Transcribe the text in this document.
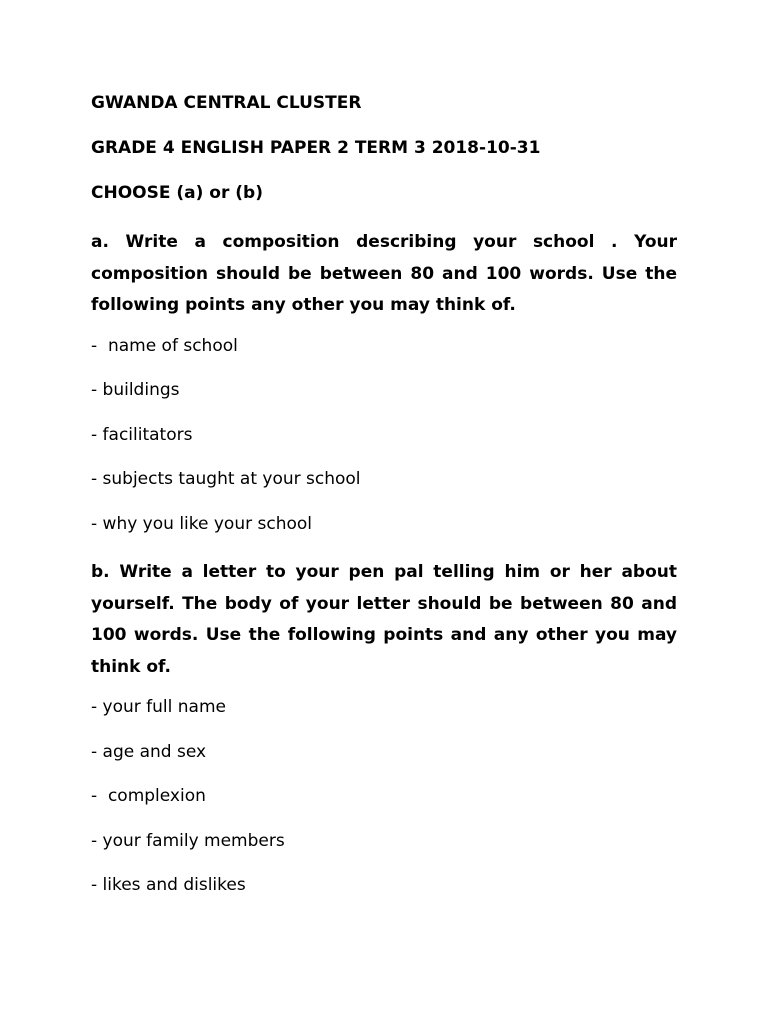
GWANDA CENTRAL CLUSTER

GRADE 4 ENGLISH PAPER 2 TERM 3 2018-10-31

CHOOSE (a) or (b)

a. Write a composition describing your school . Your composition should be between 80 and 100 words. Use the following points any other you may think of.

-  name of school

- buildings

- facilitators

- subjects taught at your school

- why you like your school

b. Write a letter to your pen pal telling him or her about yourself. The body of your letter should be between 80 and 100 words. Use the following points and any other you may think of.

- your full name

- age and sex

-  complexion

- your family members

- likes and dislikes
